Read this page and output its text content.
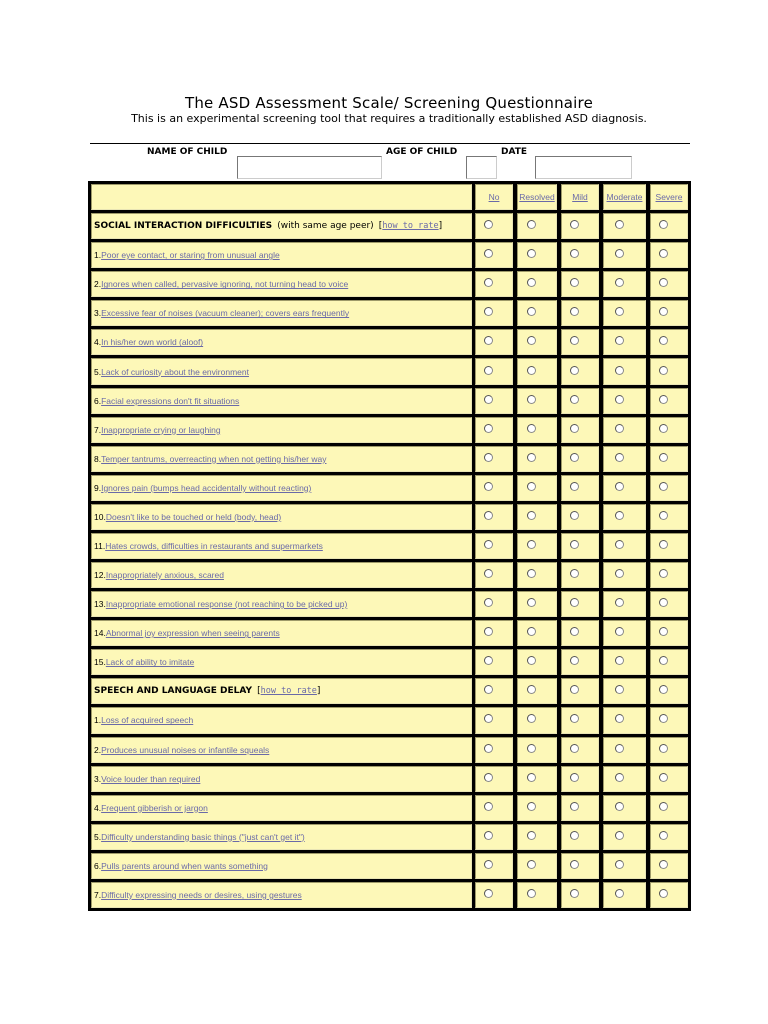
The ASD Assessment Scale/ Screening Questionnaire
This is an experimental screening tool that requires a traditionally established ASD diagnosis.
NAME OF CHILD	AGE OF CHILD	DATE
No Resolved Mild Moderate Severe
SOCIAL INTERACTION DIFFICULTIES
(with same age peer)
[ how to rate ]
1. Poor eye contact, or staring from unusual angle
2. Ignores when called, pervasive ignoring, not turning head to voice
3. Excessive fear of noises (vacuum cleaner); covers ears frequently
4. In his/her own world (aloof)
5. Lack of curiosity about the environment
6. Facial expressions don't fit situations
7. Inappropriate crying or laughing
8. Temper tantrums, overreacting when not getting his/her way
9. Ignores pain (bumps head accidentally without reacting)
10. Doesn't like to be touched or held (body, head)
11. Hates crowds, difficulties in restaurants and supermarkets
12. Inappropriately anxious, scared
13. Inappropriate emotional response (not reaching to be picked up)
14. Abnormal joy expression when seeing parents
15. Lack of ability to imitate
SPEECH AND LANGUAGE DELAY
[ how to rate ]
1. Loss of acquired speech
2. Produces unusual noises or infantile squeals
3. Voice louder than required
4. Frequent gibberish or jargon
5. Difficulty understanding basic things ("just can't get it")
6. Pulls parents around when wants something
7. Difficulty expressing needs or desires, using gestures
